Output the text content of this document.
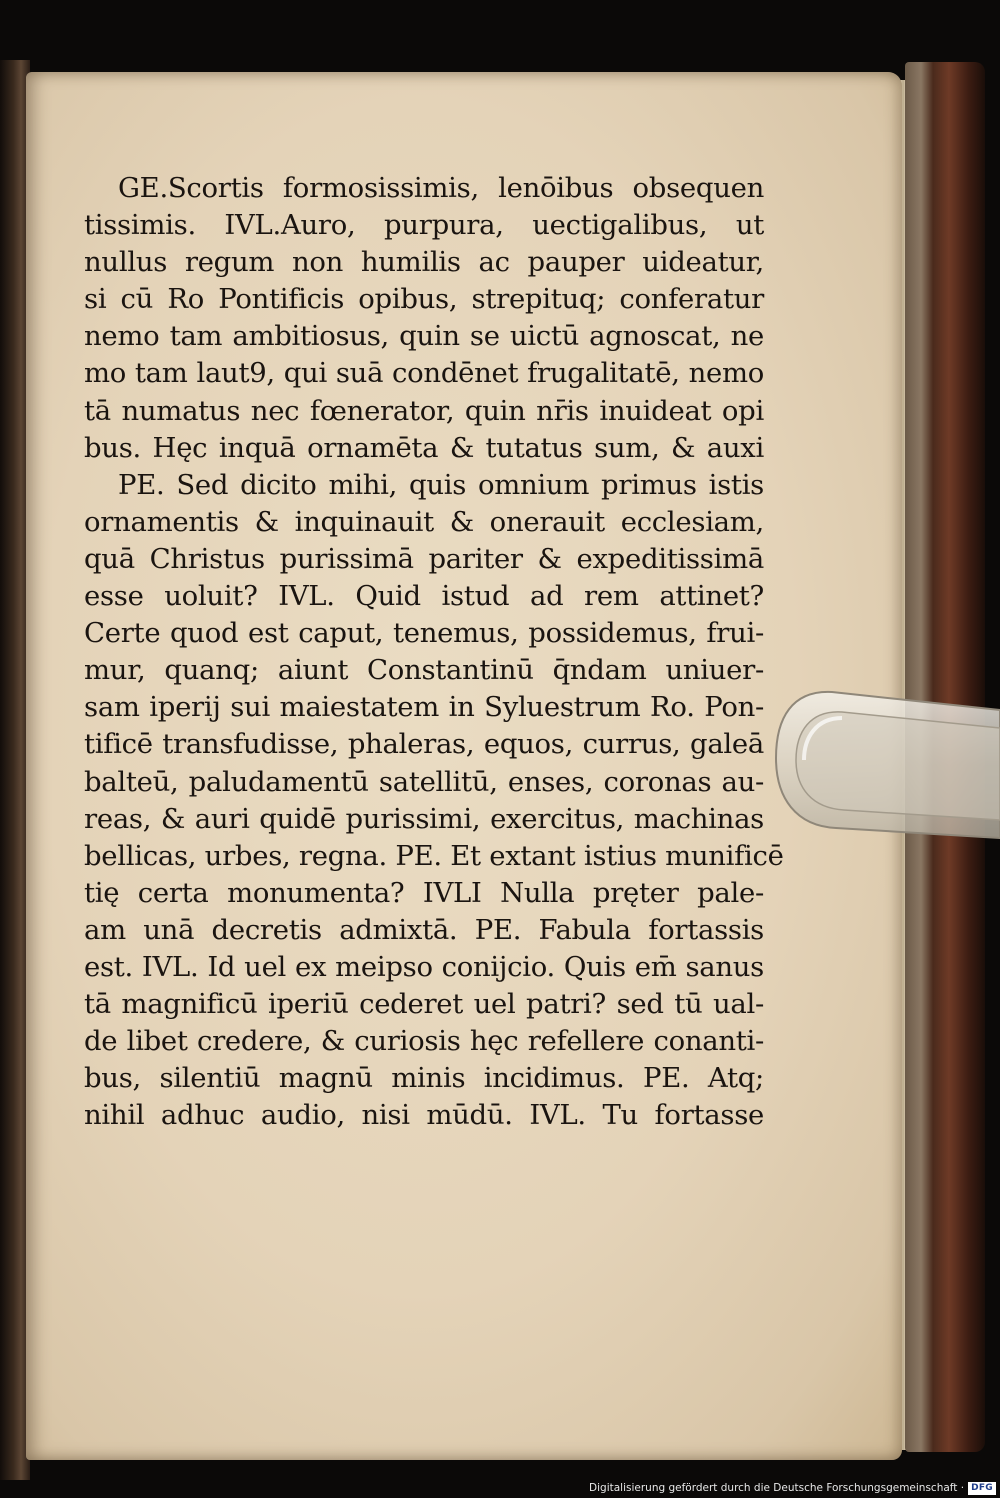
GE.Scortis formosissimis, lenōibus obsequen
tissimis. IVL.Auro, purpura, uectigalibus, ut
nullus regum non humilis ac pauper uideatur,
si cū Ro Pontificis opibus, strepituq; conferatur
nemo tam ambitiosus, quin se uictū agnoscat, ne
mo tam laut9, qui suā condēnet frugalitatē, nemo
tā numatus nec fœnerator, quin nr̄is inuideat opi
bus. Hęc inquā ornamēta & tutatus sum, & auxi
PE. Sed dicito mihi, quis omnium primus istis
ornamentis & inquinauit & onerauit ecclesiam,
quā Christus purissimā pariter & expeditissimā
esse uoluit? IVL. Quid istud ad rem attinet?
Certe quod est caput, tenemus, possidemus, frui-
mur, quanq; aiunt Constantinū q̄ndam uniuer-
sam iperij sui maiestatem in Syluestrum Ro. Pon-
tificē transfudisse, phaleras, equos, currus, galeā
balteū, paludamentū satellitū, enses, coronas au-
reas, & auri quidē purissimi, exercitus, machinas
bellicas, urbes, regna. PE. Et extant istius munificē
tię certa monumenta? IVLI Nulla pręter pale-
am unā decretis admixtā. PE. Fabula fortassis
est. IVL. Id uel ex meipso conijcio. Quis em̄ sanus
tā magnificū iperiū cederet uel patri? sed tū ual-
de libet credere, & curiosis hęc refellere conanti-
bus, silentiū magnū minis incidimus. PE. Atq;
nihil adhuc audio, nisi mūdū. IVL. Tu fortasse
Digitalisierung gefördert durch die Deutsche Forschungsgemeinschaft · DFG
